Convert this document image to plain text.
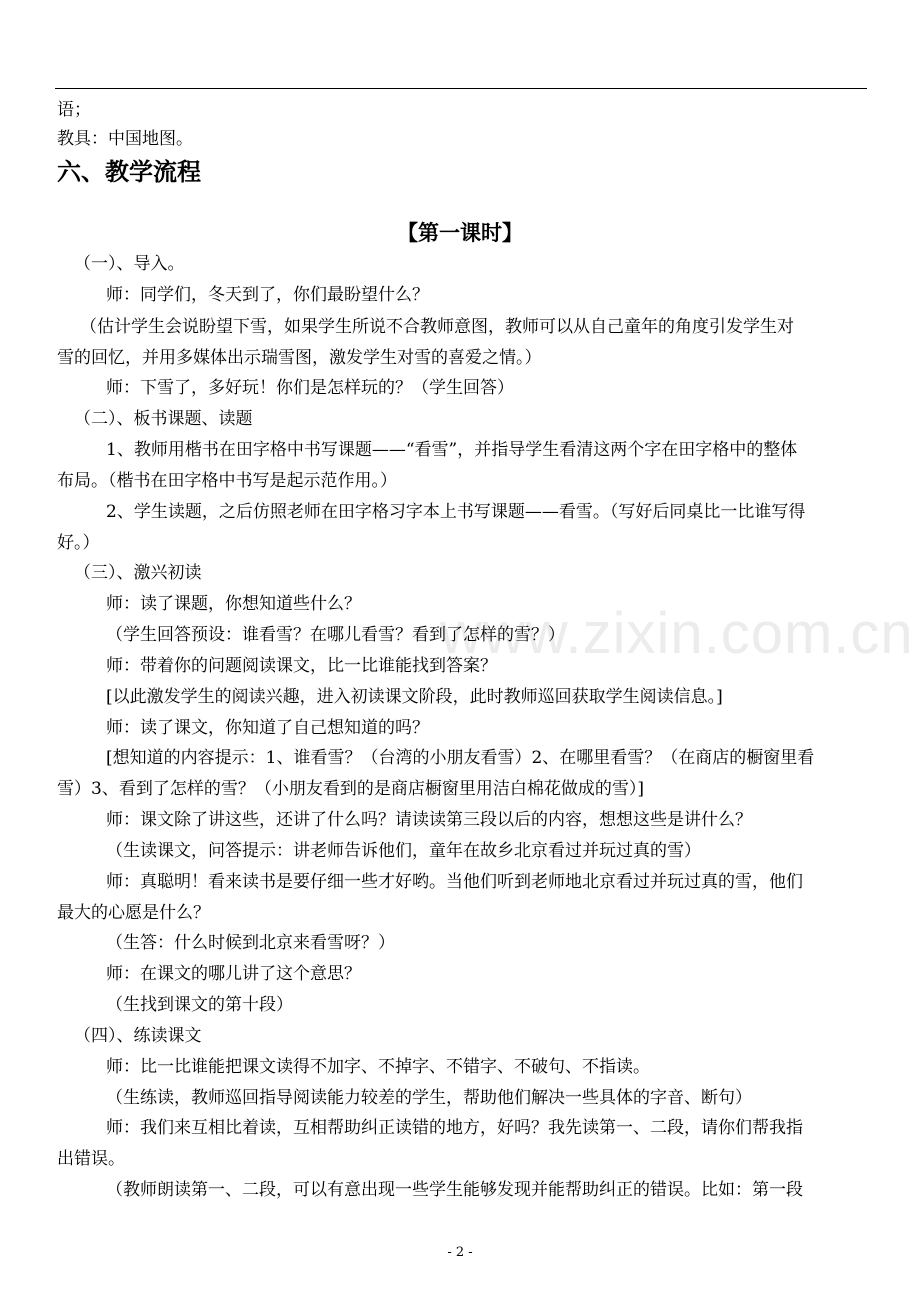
www.zixin.com.cn
语；
教具：中国地图。
六、教学流程
【第一课时】
（一）、导入。
师：同学们，冬天到了，你们最盼望什么？
（估计学生会说盼望下雪，如果学生所说不合教师意图，教师可以从自己童年的角度引发学生对
雪的回忆，并用多媒体出示瑞雪图，激发学生对雪的喜爱之情。）
师：下雪了，多好玩！你们是怎样玩的？（学生回答）
（二）、板书课题、读题
1、教师用楷书在田字格中书写课题——“看雪”，并指导学生看清这两个字在田字格中的整体
布局。（楷书在田字格中书写是起示范作用。）
2、学生读题，之后仿照老师在田字格习字本上书写课题——看雪。（写好后同桌比一比谁写得
好。）
（三）、激兴初读
师：读了课题，你想知道些什么？
（学生回答预设：谁看雪？在哪儿看雪？看到了怎样的雪？）
师：带着你的问题阅读课文，比一比谁能找到答案？
[以此激发学生的阅读兴趣，进入初读课文阶段，此时教师巡回获取学生阅读信息。]
师：读了课文，你知道了自己想知道的吗？
[想知道的内容提示：1、谁看雪？（台湾的小朋友看雪）2、在哪里看雪？（在商店的橱窗里看
雪）3、看到了怎样的雪？（小朋友看到的是商店橱窗里用洁白棉花做成的雪）]
师：课文除了讲这些，还讲了什么吗？请读读第三段以后的内容，想想这些是讲什么？
（生读课文，问答提示：讲老师告诉他们，童年在故乡北京看过并玩过真的雪）
师：真聪明！看来读书是要仔细一些才好哟。当他们听到老师地北京看过并玩过真的雪，他们
最大的心愿是什么？
（生答：什么时候到北京来看雪呀？）
师：在课文的哪儿讲了这个意思？
（生找到课文的第十段）
（四）、练读课文
师：比一比谁能把课文读得不加字、不掉字、不错字、不破句、不指读。
（生练读，教师巡回指导阅读能力较差的学生，帮助他们解决一些具体的字音、断句）
师：我们来互相比着读，互相帮助纠正读错的地方，好吗？我先读第一、二段，请你们帮我指
出错误。
（教师朗读第一、二段，可以有意出现一些学生能够发现并能帮助纠正的错误。比如：第一段
- 2 -
